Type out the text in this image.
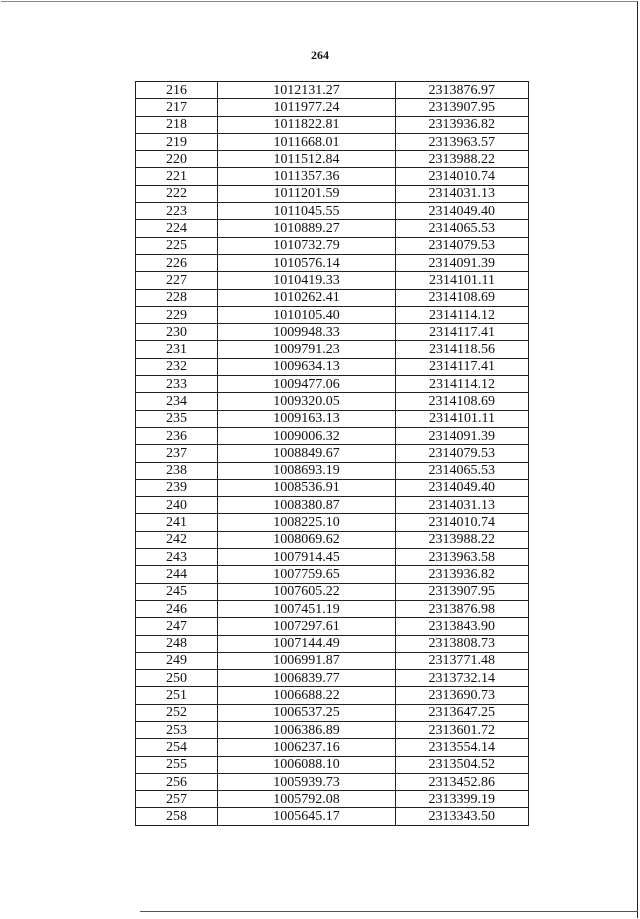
264
216	1012131.27	2313876.97
217	1011977.24	2313907.95
218	1011822.81	2313936.82
219	1011668.01	2313963.57
220	1011512.84	2313988.22
221	1011357.36	2314010.74
222	1011201.59	2314031.13
223	1011045.55	2314049.40
224	1010889.27	2314065.53
225	1010732.79	2314079.53
226	1010576.14	2314091.39
227	1010419.33	2314101.11
228	1010262.41	2314108.69
229	1010105.40	2314114.12
230	1009948.33	2314117.41
231	1009791.23	2314118.56
232	1009634.13	2314117.41
233	1009477.06	2314114.12
234	1009320.05	2314108.69
235	1009163.13	2314101.11
236	1009006.32	2314091.39
237	1008849.67	2314079.53
238	1008693.19	2314065.53
239	1008536.91	2314049.40
240	1008380.87	2314031.13
241	1008225.10	2314010.74
242	1008069.62	2313988.22
243	1007914.45	2313963.58
244	1007759.65	2313936.82
245	1007605.22	2313907.95
246	1007451.19	2313876.98
247	1007297.61	2313843.90
248	1007144.49	2313808.73
249	1006991.87	2313771.48
250	1006839.77	2313732.14
251	1006688.22	2313690.73
252	1006537.25	2313647.25
253	1006386.89	2313601.72
254	1006237.16	2313554.14
255	1006088.10	2313504.52
256	1005939.73	2313452.86
257	1005792.08	2313399.19
258	1005645.17	2313343.50
